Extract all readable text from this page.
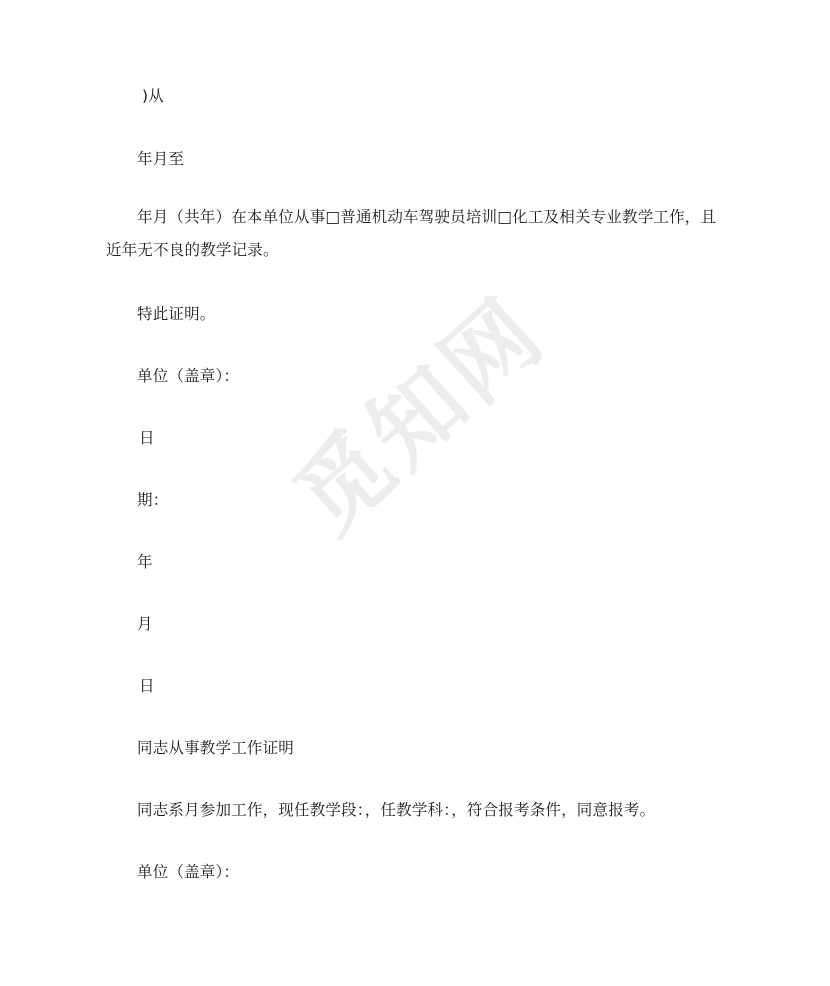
觅知网
)从
年月至
年月（共年）在本单位从事□普通机动车驾驶员培训□化工及相关专业教学工作，且近年无不良的教学记录。
特此证明。
单位（盖章）：
日
期：
年
月
日
同志从事教学工作证明
同志系月参加工作，现任教学段：，任教学科：，符合报考条件，同意报考。
单位（盖章）：
